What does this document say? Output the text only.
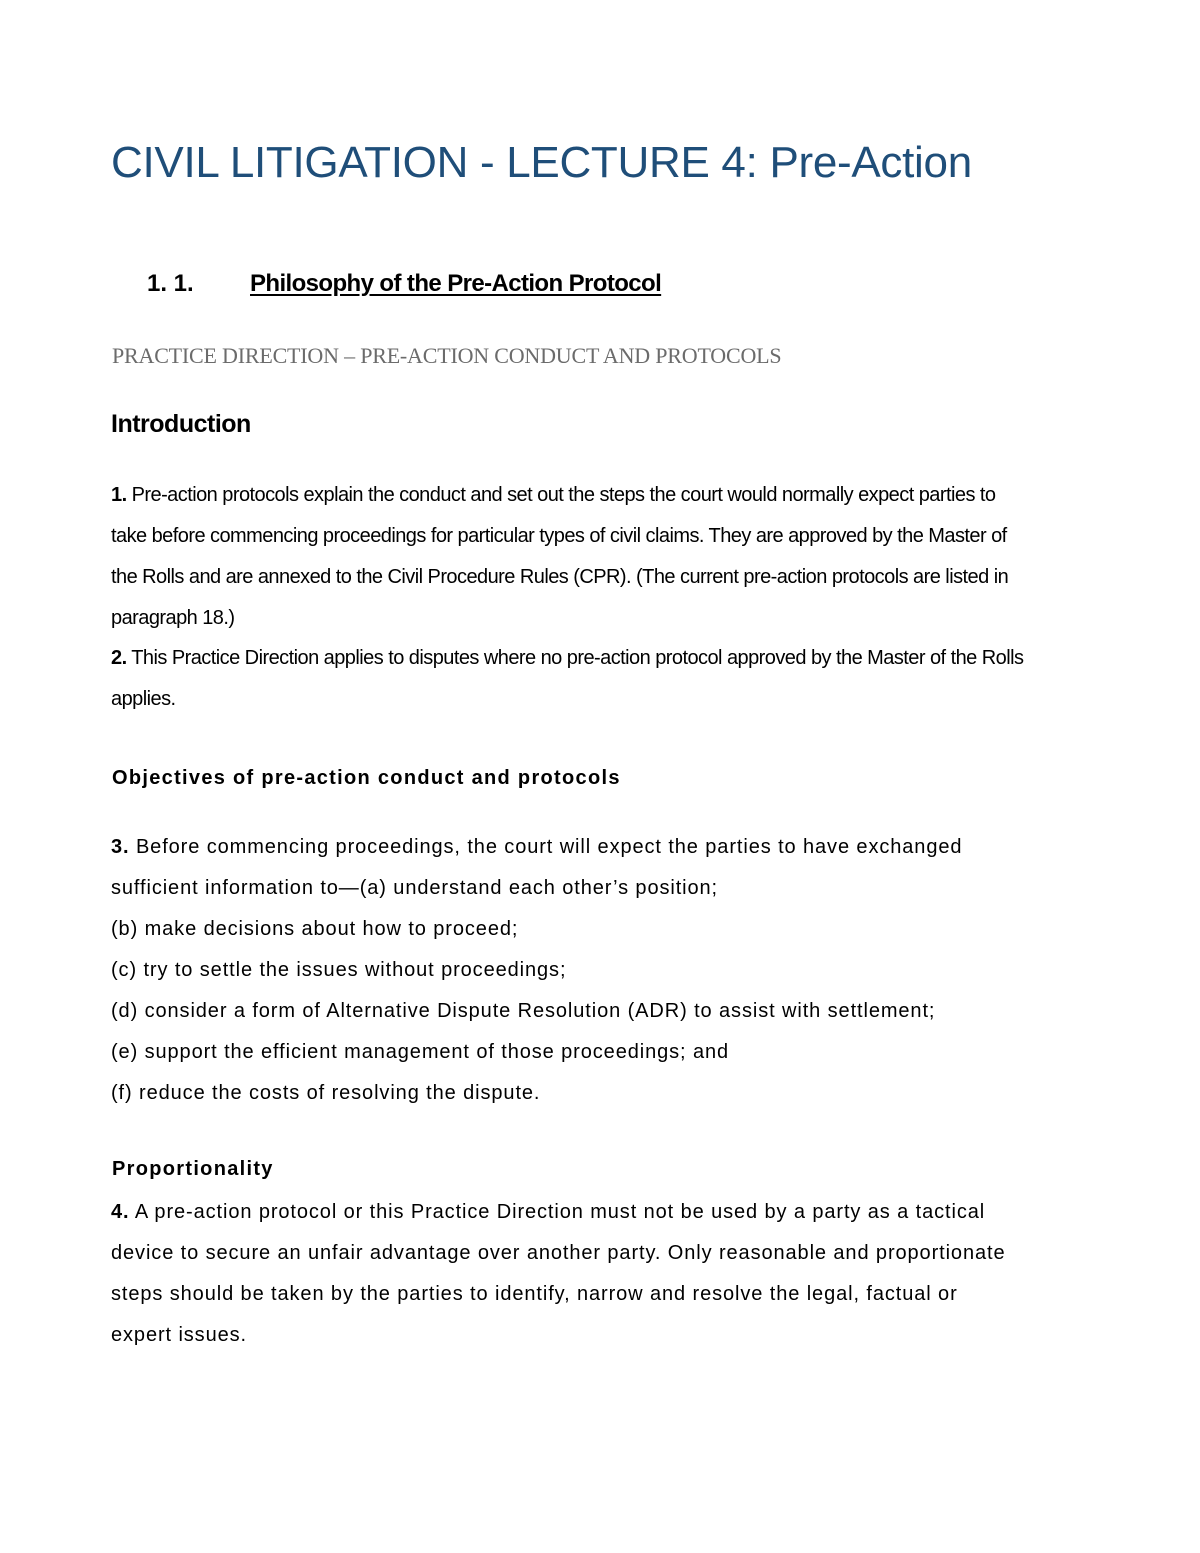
CIVIL LITIGATION - LECTURE 4: Pre-Action
1. 1. Philosophy of the Pre-Action Protocol
PRACTICE DIRECTION – PRE-ACTION CONDUCT AND PROTOCOLS
Introduction
1. Pre-action protocols explain the conduct and set out the steps the court would normally expect parties to
take before commencing proceedings for particular types of civil claims. They are approved by the Master of
the Rolls and are annexed to the Civil Procedure Rules (CPR). (The current pre-action protocols are listed in
paragraph 18.)
2. This Practice Direction applies to disputes where no pre-action protocol approved by the Master of the Rolls
applies.
Objectives of pre-action conduct and protocols
3. Before commencing proceedings, the court will expect the parties to have exchanged
sufficient information to—(a) understand each other’s position;
(b) make decisions about how to proceed;
(c) try to settle the issues without proceedings;
(d) consider a form of Alternative Dispute Resolution (ADR) to assist with settlement;
(e) support the efficient management of those proceedings; and
(f) reduce the costs of resolving the dispute.
Proportionality
4. A pre-action protocol or this Practice Direction must not be used by a party as a tactical
device to secure an unfair advantage over another party. Only reasonable and proportionate
steps should be taken by the parties to identify, narrow and resolve the legal, factual or
expert issues.
